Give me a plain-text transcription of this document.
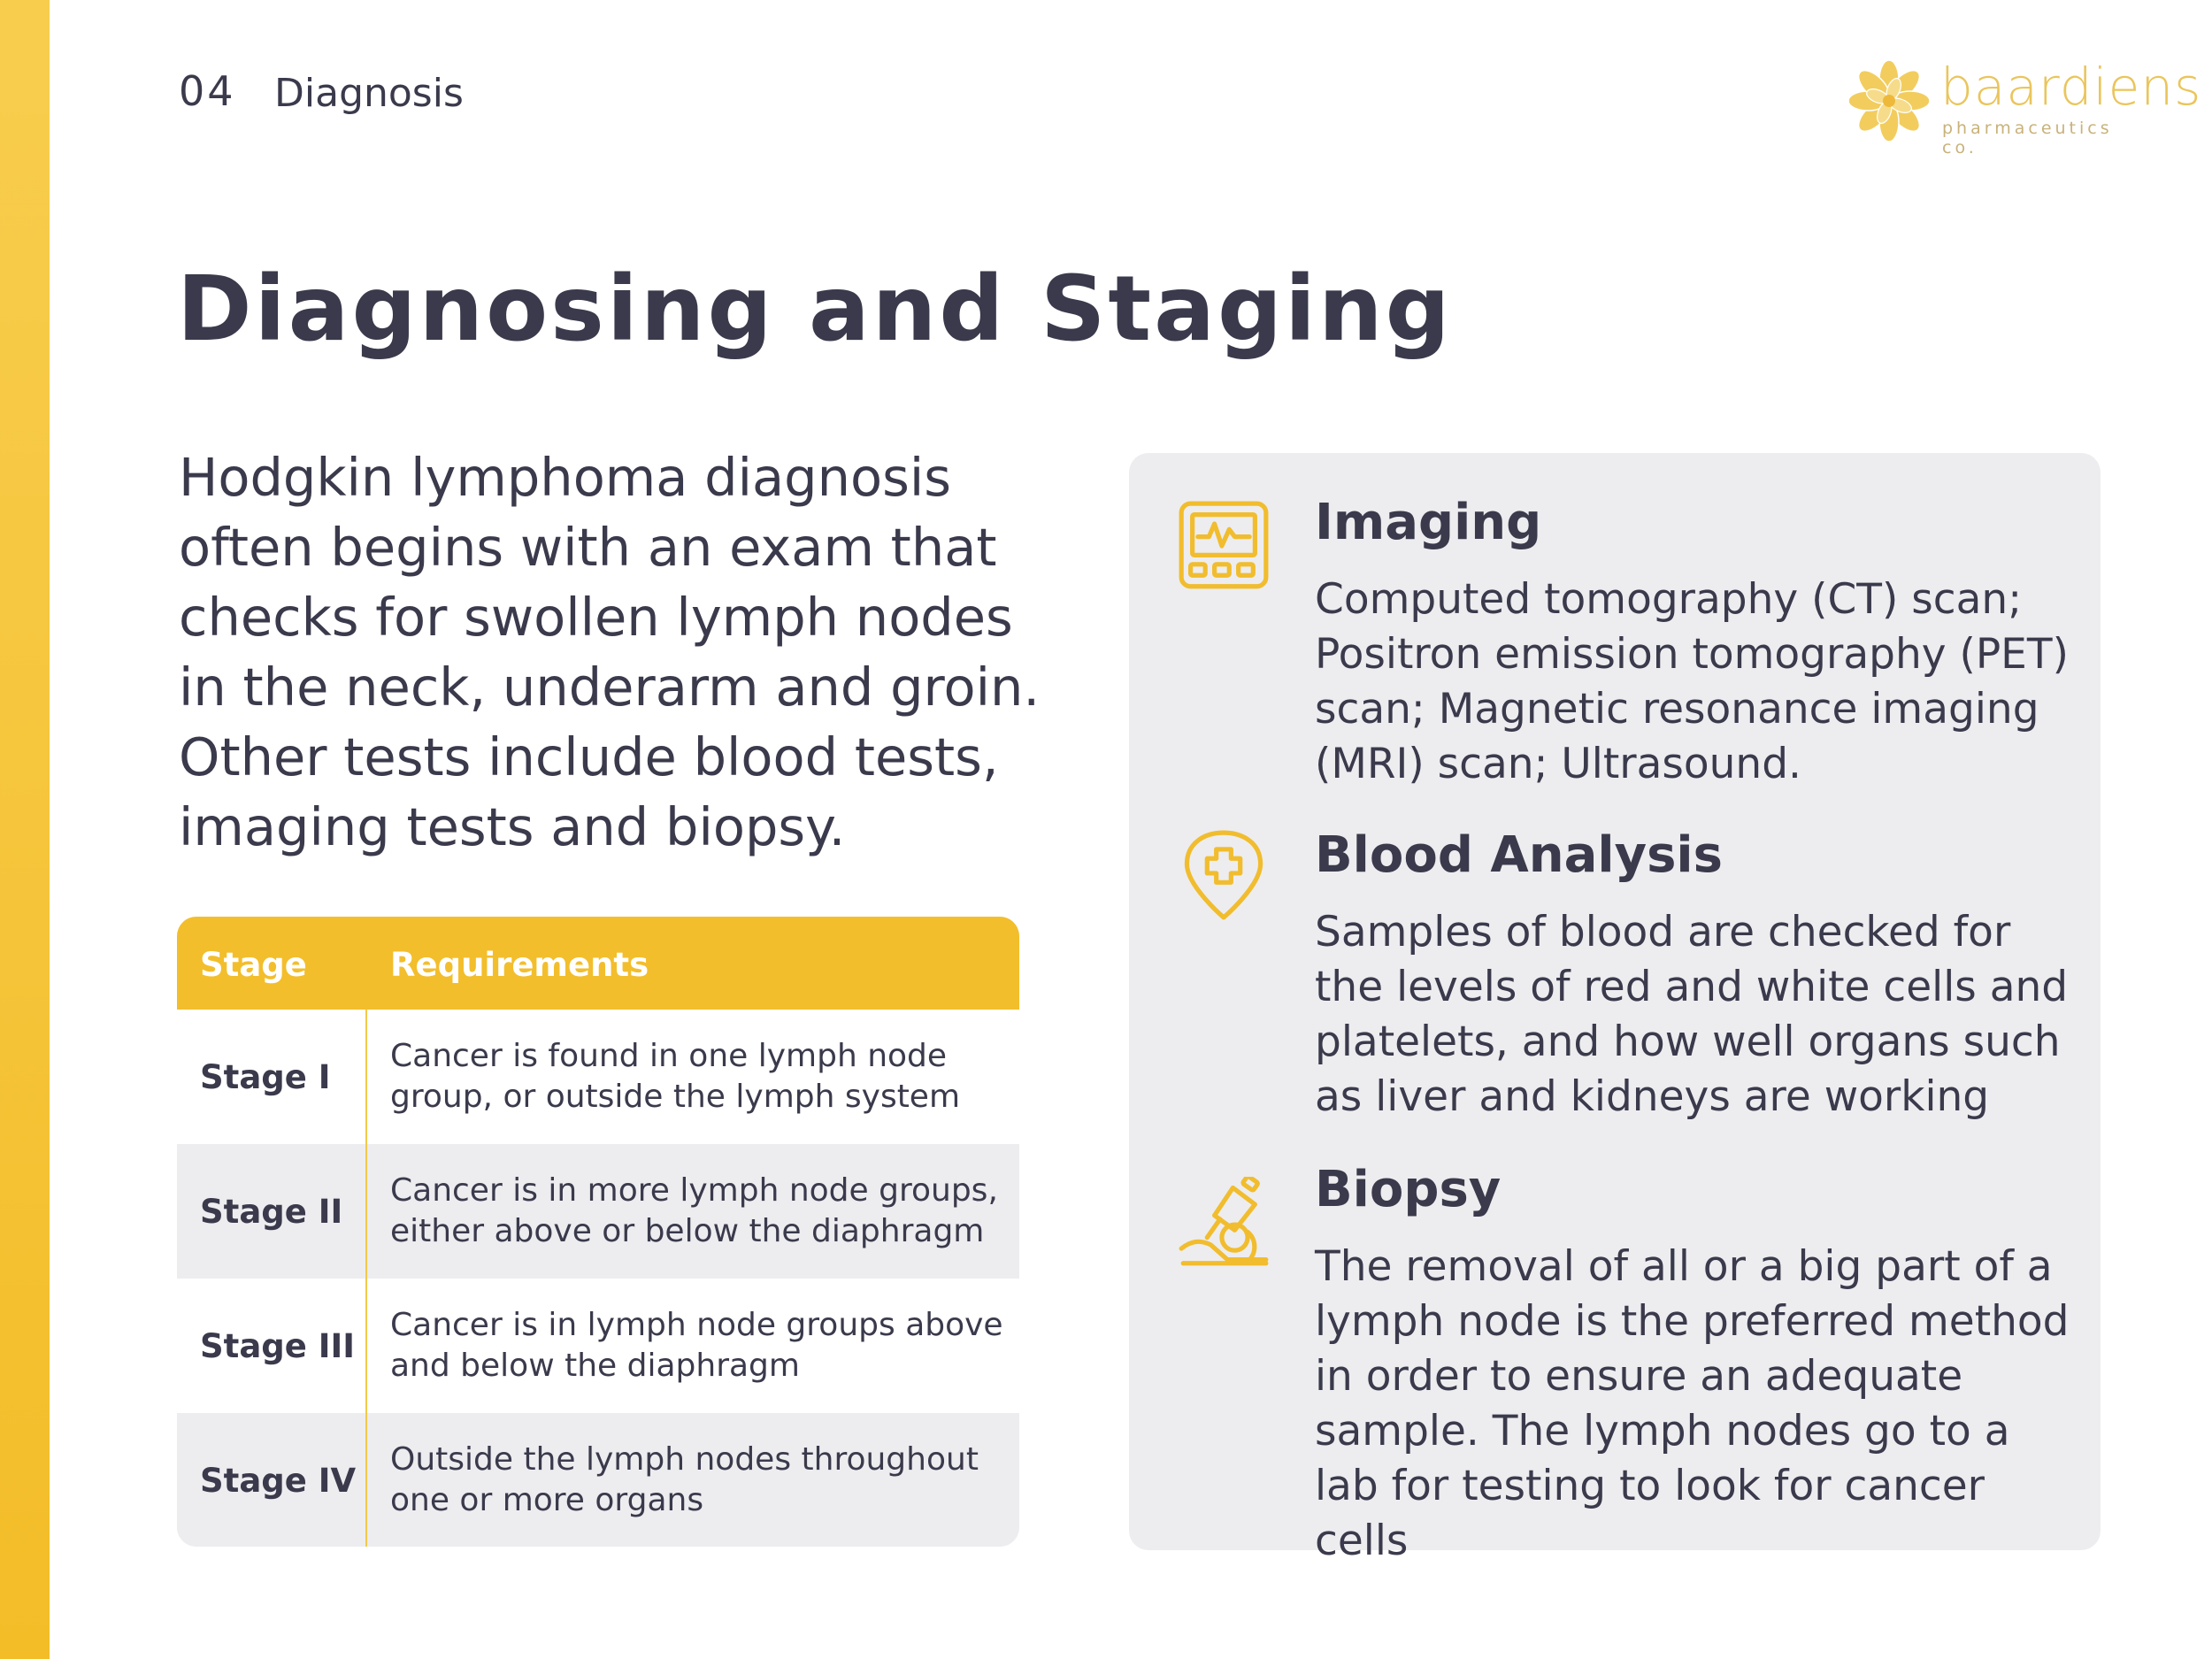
04 Diagnosis	baardiens
pharmaceutics co.
Diagnosing and Staging
Hodgkin lymphoma diagnosis often begins with an exam that checks for swollen lymph nodes in the neck, underarm and groin. Other tests include blood tests, imaging tests and biopsy.
Stage	Requirements
Stage I
Cancer is found in one lymph node group, or outside the lymph system
Stage II
Cancer is in more lymph node groups, either above or below the diaphragm
Stage III
Cancer is in lymph node groups above and below the diaphragm
Stage IV
Outside the lymph nodes throughout one or more organs
Imaging
Computed tomography (CT) scan; Positron emission tomography (PET) scan; Magnetic resonance imaging (MRI) scan; Ultrasound.
Blood Analysis
Samples of blood are checked for the levels of red and white cells and platelets, and how well organs such as liver and kidneys are working
Biopsy
The removal of all or a big part of a lymph node is the preferred method in order to ensure an adequate sample. The lymph nodes go to a lab for testing to look for cancer cells
